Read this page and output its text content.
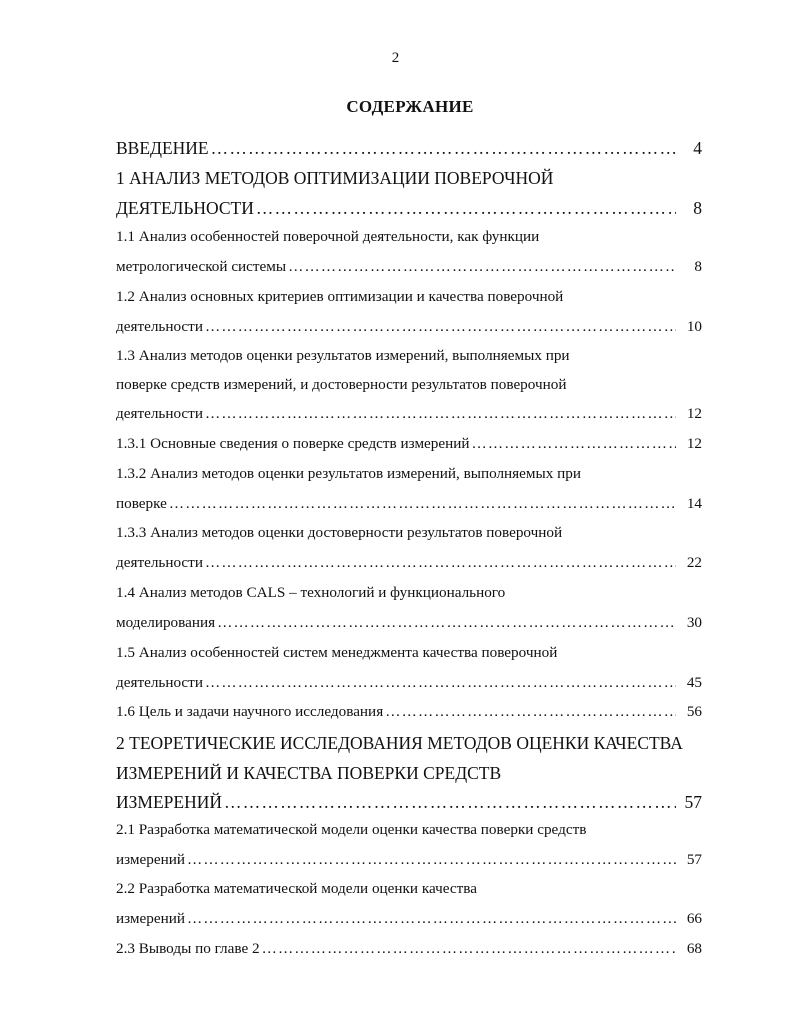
2
СОДЕРЖАНИЕ
ВВЕДЕНИЕ …………………………………………………………………………………………………………………………………………	4
1 АНАЛИЗ МЕТОДОВ ОПТИМИЗАЦИИ ПОВЕРОЧНОЙ
ДЕЯТЕЛЬНОСТИ …………………………………………………………………………………………………………………………………………	8
1.1 Анализ особенностей поверочной деятельности, как функции
метрологической системы …………………………………………………………………………………………………………………………………………	8
1.2 Анализ основных критериев оптимизации и качества поверочной
деятельности …………………………………………………………………………………………………………………………………………	10
1.3 Анализ методов оценки результатов измерений, выполняемых при
поверке средств измерений, и достоверности результатов поверочной
деятельности …………………………………………………………………………………………………………………………………………	12
1.3.1 Основные сведения о поверке средств измерений …………………………………………………………………………………………………………………………………………	12
1.3.2 Анализ методов оценки результатов измерений, выполняемых при
поверке …………………………………………………………………………………………………………………………………………	14
1.3.3 Анализ методов оценки достоверности результатов поверочной
деятельности …………………………………………………………………………………………………………………………………………	22
1.4 Анализ методов CALS – технологий и функционального
моделирования …………………………………………………………………………………………………………………………………………	30
1.5 Анализ особенностей систем менеджмента качества поверочной
деятельности …………………………………………………………………………………………………………………………………………	45
1.6 Цель и задачи научного исследования …………………………………………………………………………………………………………………………………………	56
2 ТЕОРЕТИЧЕСКИЕ ИССЛЕДОВАНИЯ МЕТОДОВ ОЦЕНКИ КАЧЕСТВА
ИЗМЕРЕНИЙ И КАЧЕСТВА ПОВЕРКИ СРЕДСТВ
ИЗМЕРЕНИЙ …………………………………………………………………………………………………………………………………………	57
2.1 Разработка математической модели оценки качества поверки средств
измерений …………………………………………………………………………………………………………………………………………	57
2.2 Разработка математической модели оценки качества
измерений …………………………………………………………………………………………………………………………………………	66
2.3 Выводы по главе 2 …………………………………………………………………………………………………………………………………………	68
